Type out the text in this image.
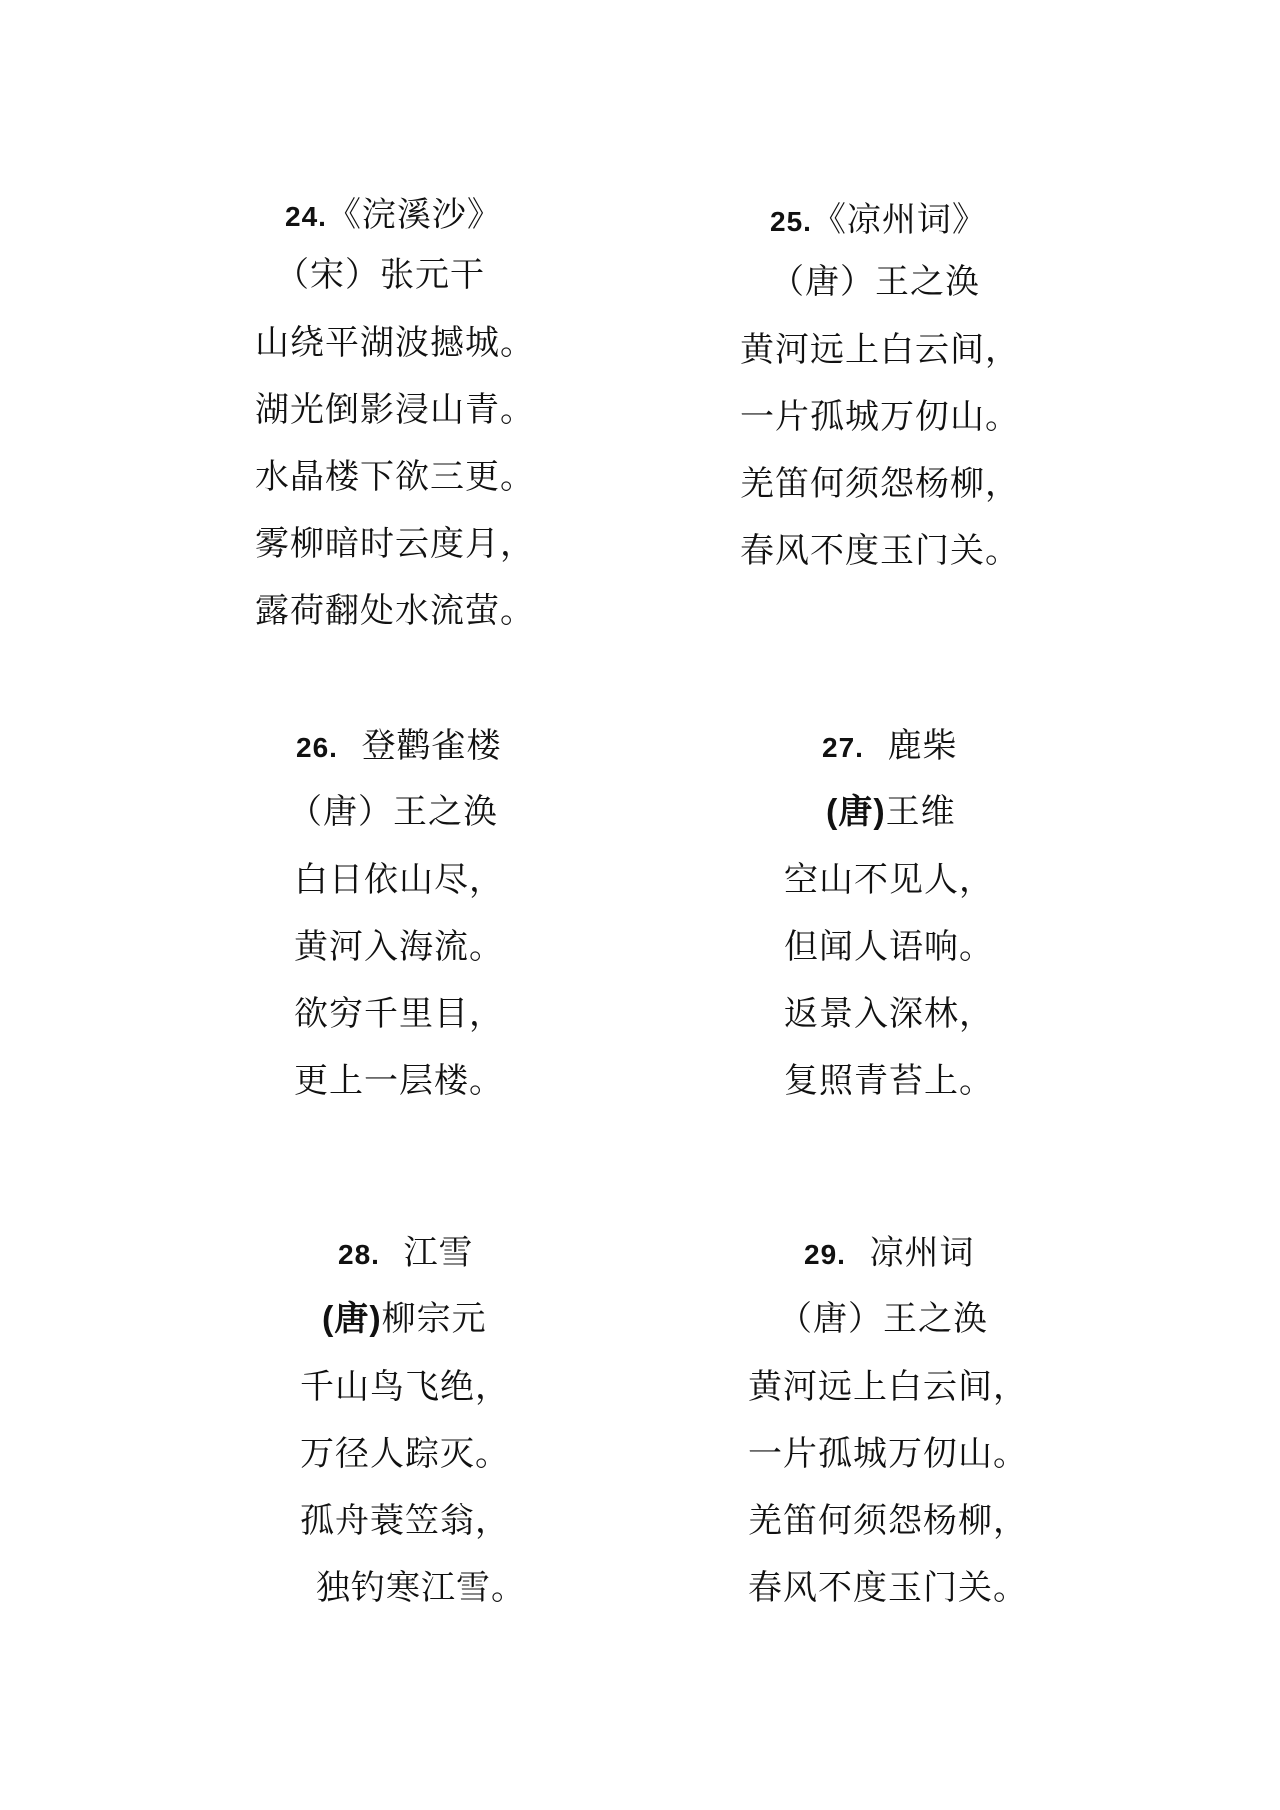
24.《浣溪沙》
（宋）张元干
山绕平湖波撼城。
湖光倒影浸山青。
水晶楼下欲三更。
雾柳暗时云度月，
露荷翻处水流萤。
25.《凉州词》
（唐）王之涣
黄河远上白云间，
一片孤城万仞山。
羌笛何须怨杨柳，
春风不度玉门关。
26. 登鹳雀楼
（唐）王之涣
白日依山尽，
黄河入海流。
欲穷千里目，
更上一层楼。
27. 鹿柴
(唐)王维
空山不见人，
但闻人语响。
返景入深林，
复照青苔上。
28. 江雪
(唐)柳宗元
千山鸟飞绝，
万径人踪灭。
孤舟蓑笠翁，
独钓寒江雪。
29. 凉州词
（唐）王之涣
黄河远上白云间，
一片孤城万仞山。
羌笛何须怨杨柳，
春风不度玉门关。
